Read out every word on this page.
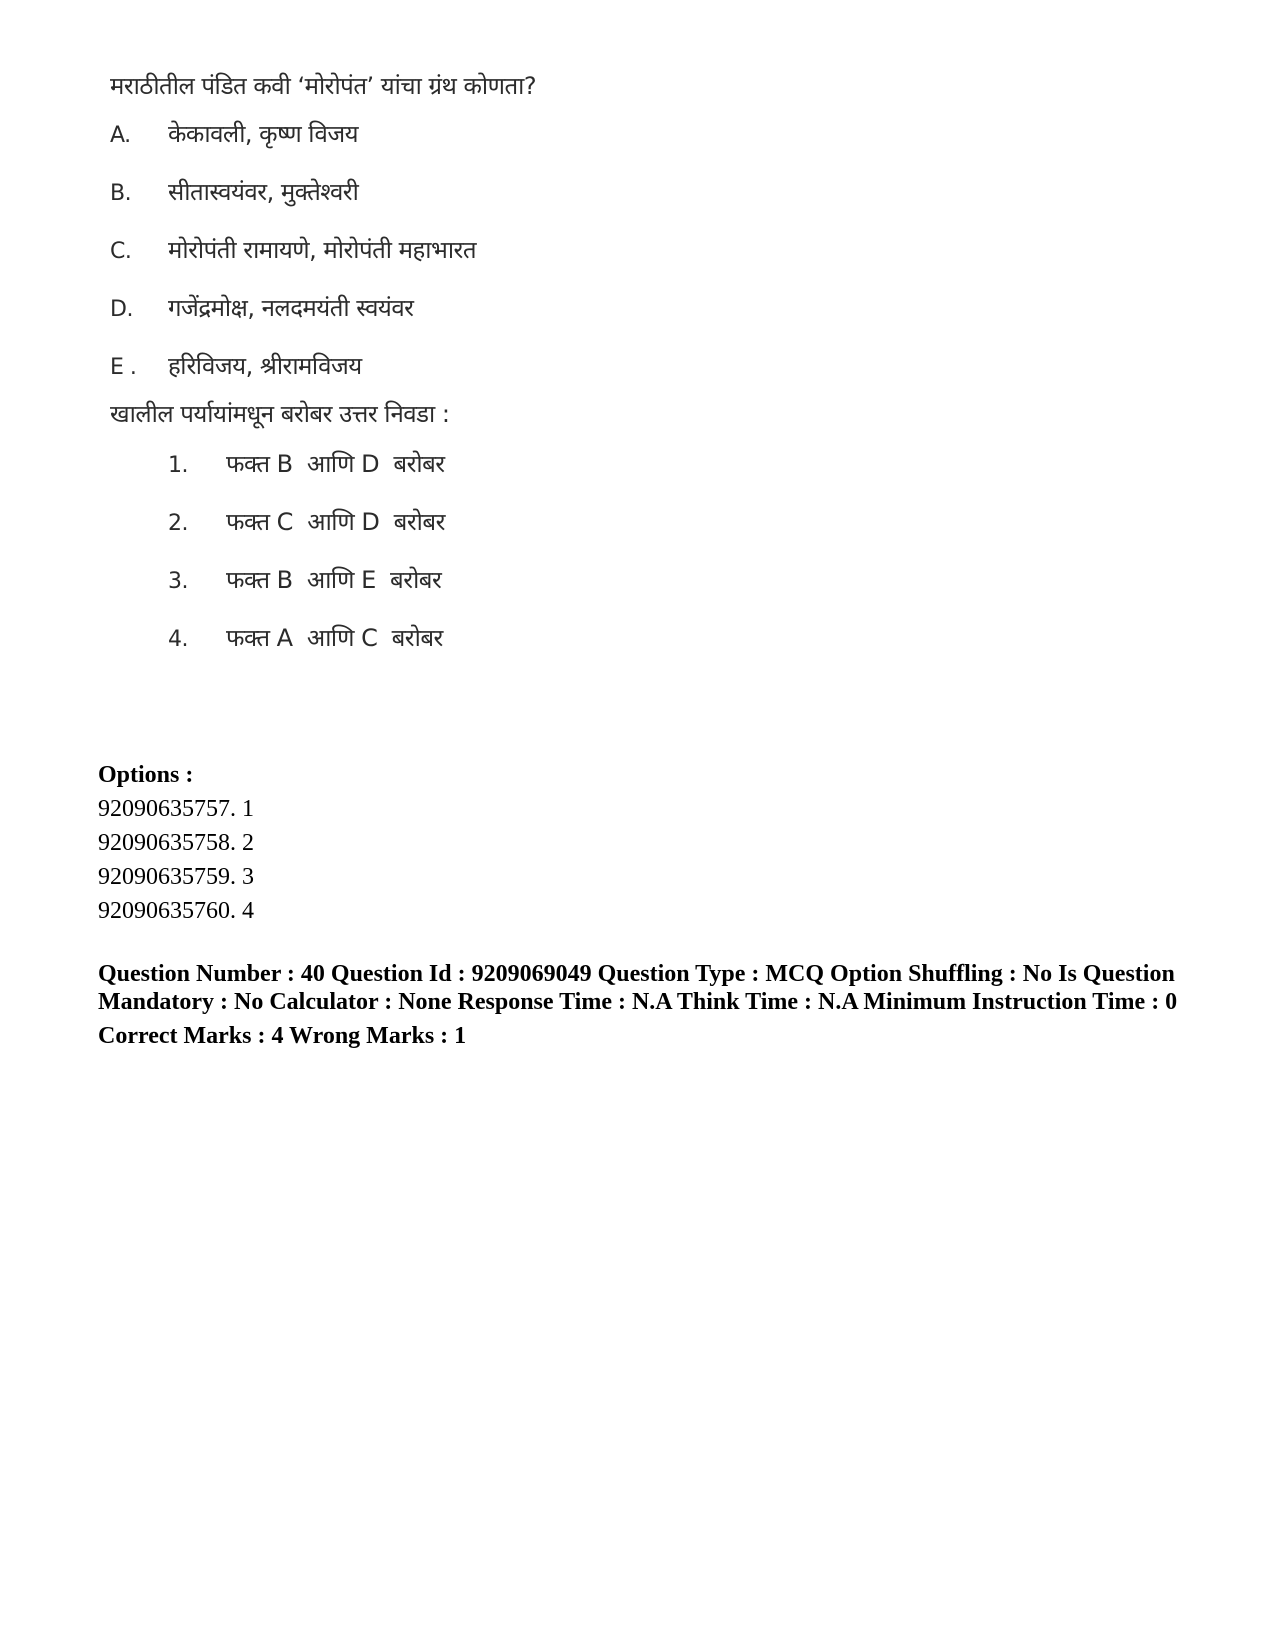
मराठीतील पंडित कवी ‘मोरोपंत’ यांचा ग्रंथ कोणता?

A.	केकावली, कृष्ण विजय
B.	सीतास्वयंवर, मुक्तेश्वरी
C.	मोरोपंती रामायणे, मोरोपंती महाभारत
D.	गजेंद्रमोक्ष, नलदमयंती स्वयंवर
E .	हरिविजय, श्रीरामविजय

खालील पर्यायांमधून बरोबर उत्तर निवडा :

1.	फक्त B  आणि D  बरोबर
2.	फक्त C  आणि D  बरोबर
3.	फक्त B  आणि E  बरोबर
4.	फक्त A  आणि C  बरोबर
Options :

92090635757. 1

92090635758. 2

92090635759. 3

92090635760. 4

Question Number : 40 Question Id : 9209069049 Question Type : MCQ Option Shuffling : No Is Question Mandatory : No Calculator : None Response Time : N.A Think Time : N.A Minimum Instruction Time : 0
Correct Marks : 4 Wrong Marks : 1
